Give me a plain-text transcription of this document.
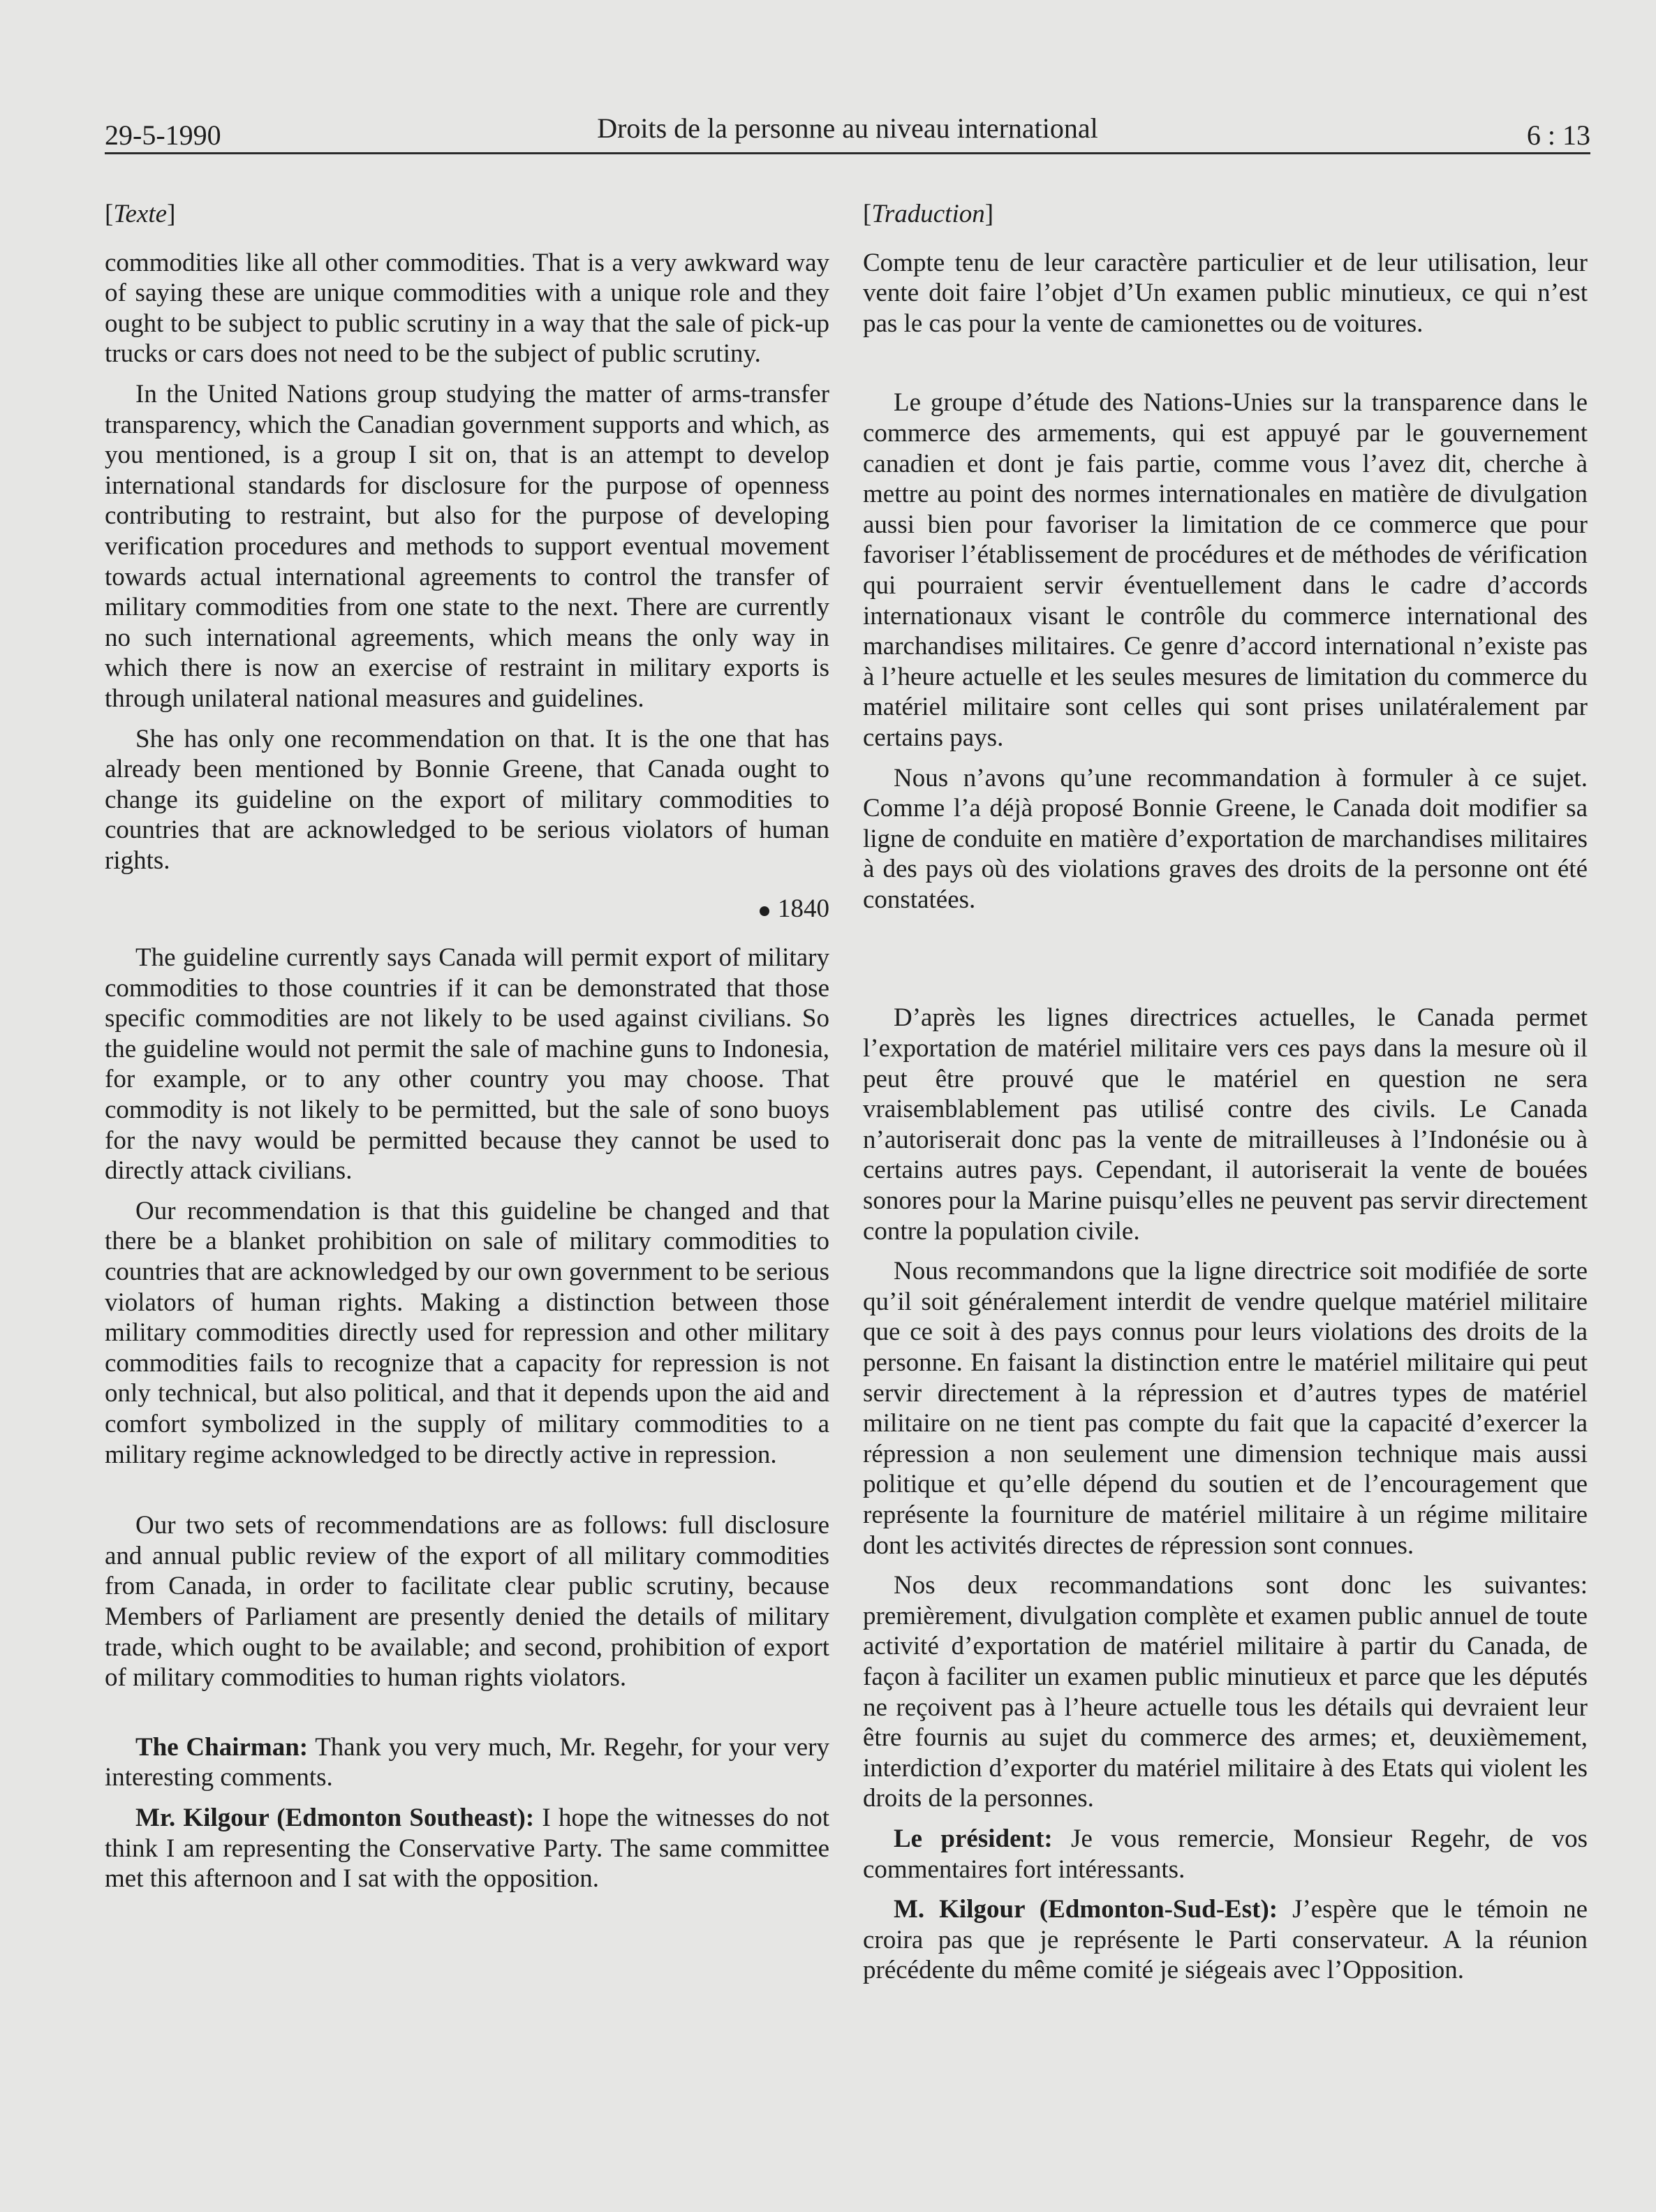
29-5-1990	Droits de la personne au niveau international	6 : 13
[Texte]

commodities like all other commodities. That is a very awkward way of saying these are unique commodities with a unique role and they ought to be subject to public scrutiny in a way that the sale of pick-up trucks or cars does not need to be the subject of public scrutiny.

In the United Nations group studying the matter of arms-transfer transparency, which the Canadian government supports and which, as you mentioned, is a group I sit on, that is an attempt to develop international standards for disclosure for the purpose of openness contributing to restraint, but also for the purpose of developing verification procedures and methods to support eventual movement towards actual international agreements to control the transfer of military commodities from one state to the next. There are currently no such international agreements, which means the only way in which there is now an exercise of restraint in military exports is through unilateral national measures and guidelines.

She has only one recommendation on that. It is the one that has already been mentioned by Bonnie Greene, that Canada ought to change its guideline on the export of military commodities to countries that are acknowledged to be serious violators of human rights.

1840

The guideline currently says Canada will permit export of military commodities to those countries if it can be demonstrated that those specific commodities are not likely to be used against civilians. So the guideline would not permit the sale of machine guns to Indonesia, for example, or to any other country you may choose. That commodity is not likely to be permitted, but the sale of sono buoys for the navy would be permitted because they cannot be used to directly attack civilians.

Our recommendation is that this guideline be changed and that there be a blanket prohibition on sale of military commodities to countries that are acknowledged by our own government to be serious violators of human rights. Making a distinction between those military commodities directly used for repression and other military commodities fails to recognize that a capacity for repression is not only technical, but also political, and that it depends upon the aid and comfort symbolized in the supply of military commodities to a military regime acknowledged to be directly active in repression.

Our two sets of recommendations are as follows: full disclosure and annual public review of the export of all military commodities from Canada, in order to facilitate clear public scrutiny, because Members of Parliament are presently denied the details of military trade, which ought to be available; and second, prohibition of export of military commodities to human rights violators.

The Chairman: Thank you very much, Mr. Regehr, for your very interesting comments.

Mr. Kilgour (Edmonton Southeast): I hope the witnesses do not think I am representing the Conservative Party. The same committee met this afternoon and I sat with the opposition.

[Traduction]

Compte tenu de leur caractère particulier et de leur utilisation, leur vente doit faire l’objet d’Un examen public minutieux, ce qui n’est pas le cas pour la vente de camionettes ou de voitures.

Le groupe d’étude des Nations-Unies sur la transparence dans le commerce des armements, qui est appuyé par le gouvernement canadien et dont je fais partie, comme vous l’avez dit, cherche à mettre au point des normes internationales en matière de divulgation aussi bien pour favoriser la limitation de ce commerce que pour favoriser l’établissement de procédures et de méthodes de vérification qui pourraient servir éventuellement dans le cadre d’accords internationaux visant le contrôle du commerce international des marchandises militaires. Ce genre d’accord international n’existe pas à l’heure actuelle et les seules mesures de limitation du commerce du matériel militaire sont celles qui sont prises unilatéralement par certains pays.

Nous n’avons qu’une recommandation à formuler à ce sujet. Comme l’a déjà proposé Bonnie Greene, le Canada doit modifier sa ligne de conduite en matière d’exportation de marchandises militaires à des pays où des violations graves des droits de la personne ont été constatées.

D’après les lignes directrices actuelles, le Canada permet l’exportation de matériel militaire vers ces pays dans la mesure où il peut être prouvé que le matériel en question ne sera vraisemblablement pas utilisé contre des civils. Le Canada n’autoriserait donc pas la vente de mitrailleuses à l’Indonésie ou à certains autres pays. Cependant, il autoriserait la vente de bouées sonores pour la Marine puisqu’elles ne peuvent pas servir directement contre la population civile.

Nous recommandons que la ligne directrice soit modifiée de sorte qu’il soit généralement interdit de vendre quelque matériel militaire que ce soit à des pays connus pour leurs violations des droits de la personne. En faisant la distinction entre le matériel militaire qui peut servir directement à la répression et d’autres types de matériel militaire on ne tient pas compte du fait que la capacité d’exercer la répression a non seulement une dimension technique mais aussi politique et qu’elle dépend du soutien et de l’encouragement que représente la fourniture de matériel militaire à un régime militaire dont les activités directes de répression sont connues.

Nos deux recommandations sont donc les suivantes: premièrement, divulgation complète et examen public annuel de toute activité d’exportation de matériel militaire à partir du Canada, de façon à faciliter un examen public minutieux et parce que les députés ne reçoivent pas à l’heure actuelle tous les détails qui devraient leur être fournis au sujet du commerce des armes; et, deuxièmement, interdiction d’exporter du matériel militaire à des Etats qui violent les droits de la personnes.

Le président: Je vous remercie, Monsieur Regehr, de vos commentaires fort intéressants.

M. Kilgour (Edmonton-Sud-Est): J’espère que le témoin ne croira pas que je représente le Parti conservateur. A la réunion précédente du même comité je siégeais avec l’Opposition.
